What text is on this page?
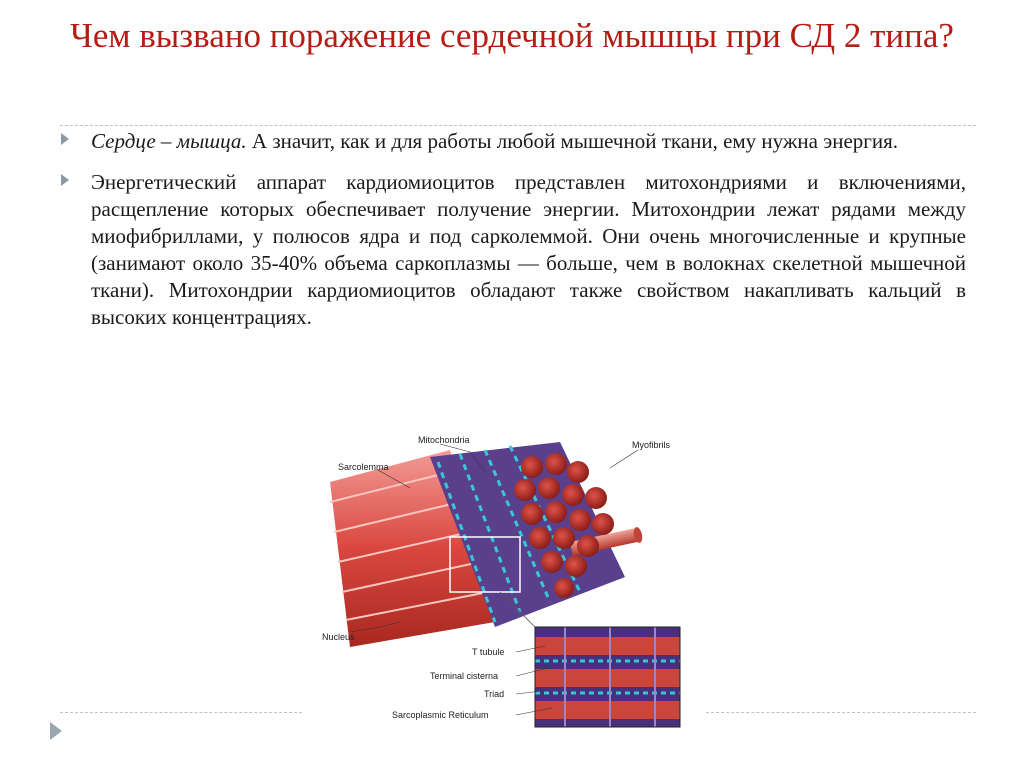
Чем вызвано поражение сердечной мышцы при СД 2 типа?
Сердце – мышца. А значит, как и для работы любой мышечной ткани, ему нужна энергия.
Энергетический аппарат кардиомиоцитов представлен митохондриями и включениями, расщепление которых обеспечивает получение энергии. Митохондрии лежат рядами между миофибриллами, у полюсов ядра и под сарколеммой. Они очень многочисленные и крупные (занимают около 35-40% объема саркоплазмы — больше, чем в волокнах скелетной мышечной ткани). Митохондрии кардиомиоцитов обладают также свойством накапливать кальций в высоких концентрациях.
Mitochondria
Sarcolemma
Myofibrils
Nucleus
T tubule
Terminal cisterna
Triad
Sarcoplasmic Reticulum
